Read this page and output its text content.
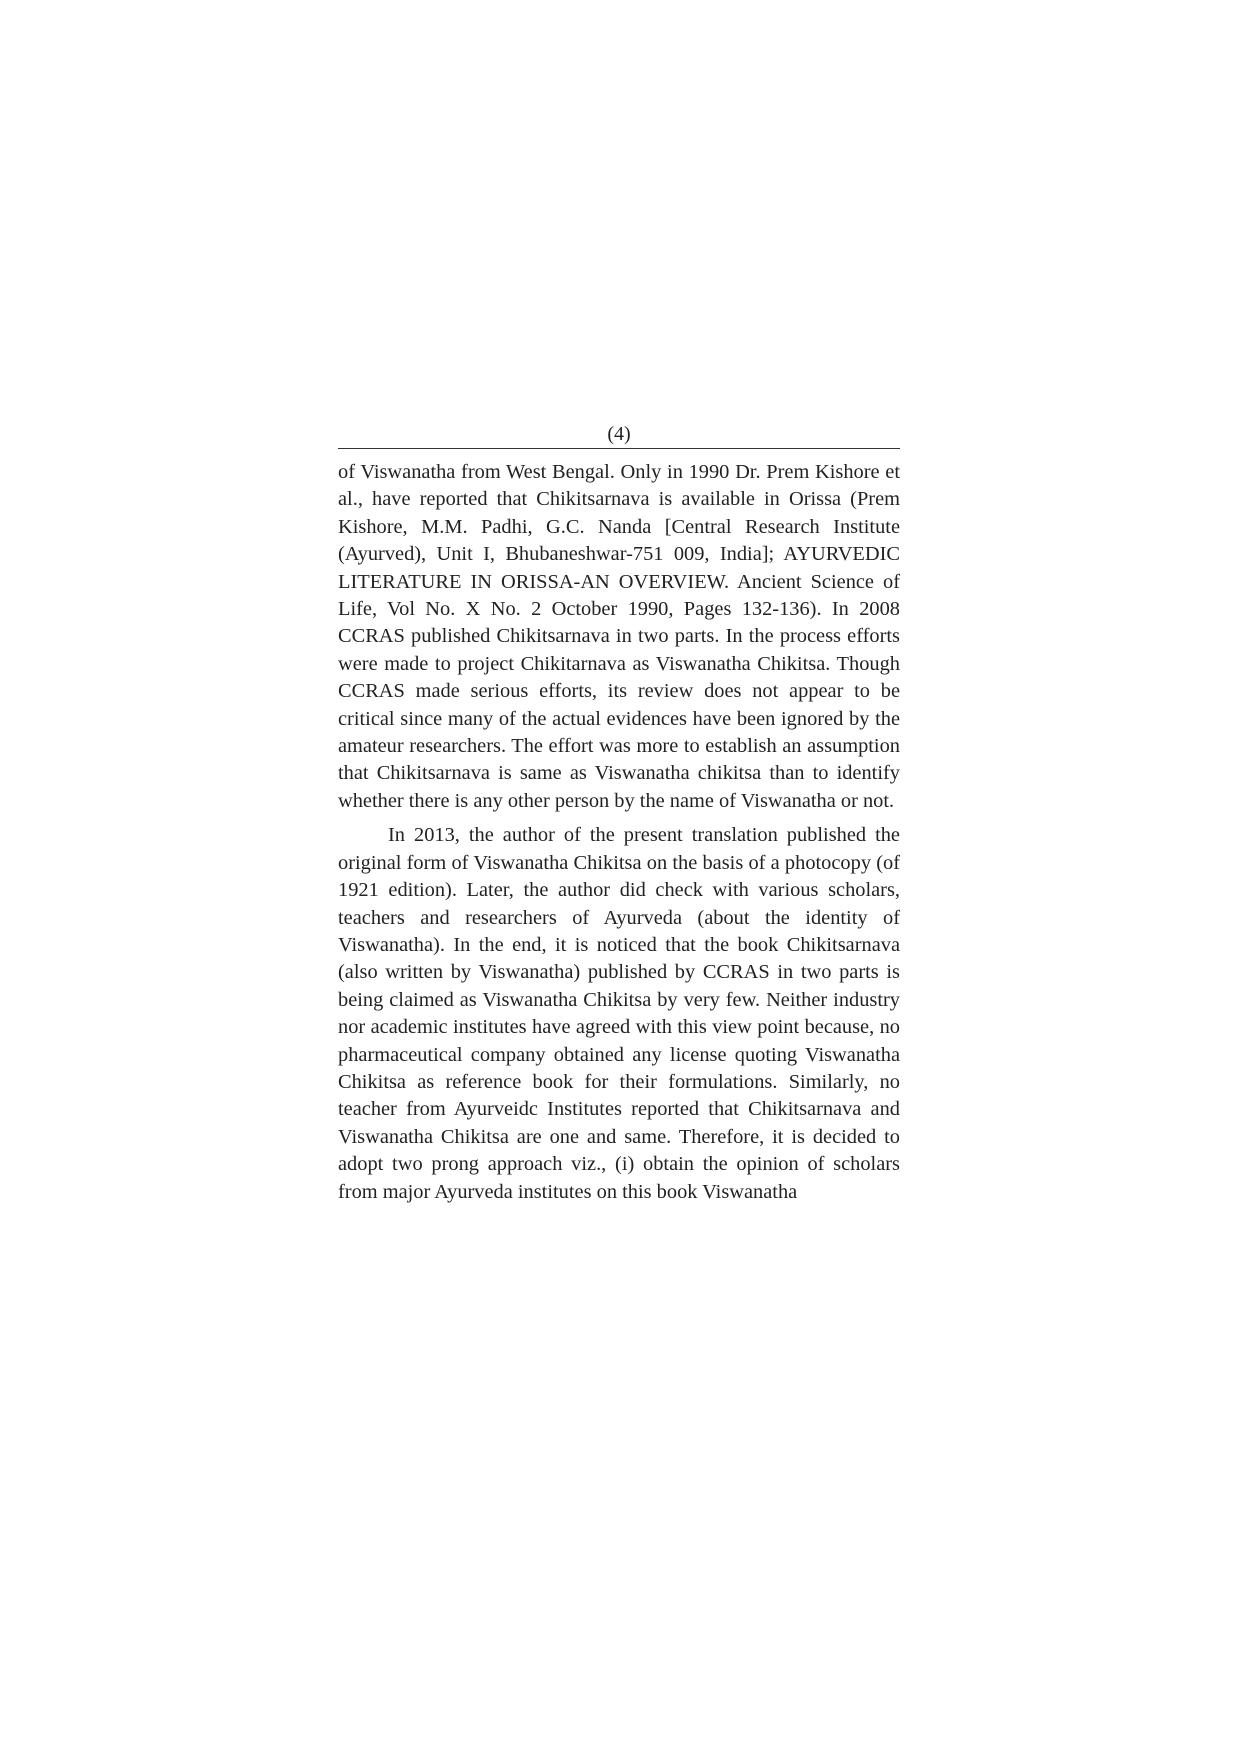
(4)

of Viswanatha from West Bengal. Only in 1990 Dr. Prem Kishore et al., have reported that Chikitsarnava is available in Orissa (Prem Kishore, M.M. Padhi, G.C. Nanda [Central Research Institute (Ayurved), Unit I, Bhubaneshwar-751 009, India]; AYURVEDIC LITERATURE IN ORISSA-AN OVERVIEW. Ancient Science of Life, Vol No. X No. 2 October 1990, Pages 132-136). In 2008 CCRAS published Chikitsarnava in two parts. In the process efforts were made to project Chikitarnava as Viswanatha Chikitsa. Though CCRAS made serious efforts, its review does not appear to be critical since many of the actual evidences have been ignored by the amateur researchers. The effort was more to establish an assumption that Chikitsarnava is same as Viswanatha chikitsa than to identify whether there is any other person by the name of Viswanatha or not.

In 2013, the author of the present translation published the original form of Viswanatha Chikitsa on the basis of a photocopy (of 1921 edition). Later, the author did check with various scholars, teachers and researchers of Ayurveda (about the identity of Viswanatha). In the end, it is noticed that the book Chikitsarnava (also written by Viswanatha) published by CCRAS in two parts is being claimed as Viswanatha Chikitsa by very few. Neither industry nor academic institutes have agreed with this view point because, no pharmaceutical company obtained any license quoting Viswanatha Chikitsa as reference book for their formulations. Similarly, no teacher from Ayurveidc Institutes reported that Chikitsarnava and Viswanatha Chikitsa are one and same. Therefore, it is decided to adopt two prong approach viz., (i) obtain the opinion of scholars from major Ayurveda institutes on this book Viswanatha
